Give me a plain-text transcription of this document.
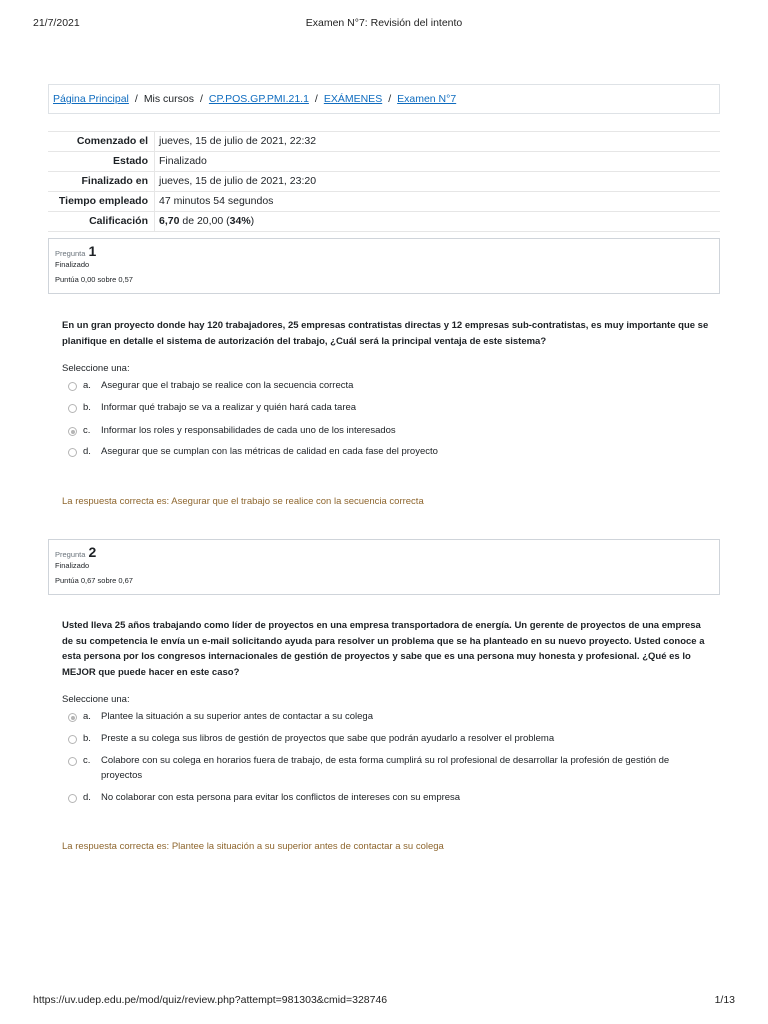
21/7/2021	Examen N°7: Revisión del intento
Página Principal / Mis cursos / CP.POS.GP.PMI.21.1 / EXÁMENES / Examen N°7
Comenzado el	jueves, 15 de julio de 2021, 22:32
Estado	Finalizado
Finalizado en	jueves, 15 de julio de 2021, 23:20
Tiempo empleado	47 minutos 54 segundos
Calificación	6,70 de 20,00 (34%)
Pregunta 1
Finalizado
Puntúa 0,00 sobre 0,57
En un gran proyecto donde hay 120 trabajadores, 25 empresas contratistas directas y 12 empresas sub-contratistas, es muy importante que se planifique en detalle el sistema de autorización del trabajo, ¿Cuál será la principal ventaja de este sistema?
Seleccione una:
a.	Asegurar que el trabajo se realice con la secuencia correcta
b.	Informar qué trabajo se va a realizar y quién hará cada tarea
c.	Informar los roles y responsabilidades de cada uno de los interesados
d.	Asegurar que se cumplan con las métricas de calidad en cada fase del proyecto
La respuesta correcta es: Asegurar que el trabajo se realice con la secuencia correcta
Pregunta 2
Finalizado
Puntúa 0,67 sobre 0,67
Usted lleva 25 años trabajando como líder de proyectos en una empresa transportadora de energía. Un gerente de proyectos de una empresa de su competencia le envía un e-mail solicitando ayuda para resolver un problema que se ha planteado en su nuevo proyecto. Usted conoce a esta persona por los congresos internacionales de gestión de proyectos y sabe que es una persona muy honesta y profesional. ¿Qué es lo MEJOR que puede hacer en este caso?
Seleccione una:
a.	Plantee la situación a su superior antes de contactar a su colega
b.	Preste a su colega sus libros de gestión de proyectos que sabe que podrán ayudarlo a resolver el problema
c.	Colabore con su colega en horarios fuera de trabajo, de esta forma cumplirá su rol profesional de desarrollar la profesión de gestión de proyectos
d.	No colaborar con esta persona para evitar los conflictos de intereses con su empresa
La respuesta correcta es: Plantee la situación a su superior antes de contactar a su colega
https://uv.udep.edu.pe/mod/quiz/review.php?attempt=981303&cmid=328746	1/13
